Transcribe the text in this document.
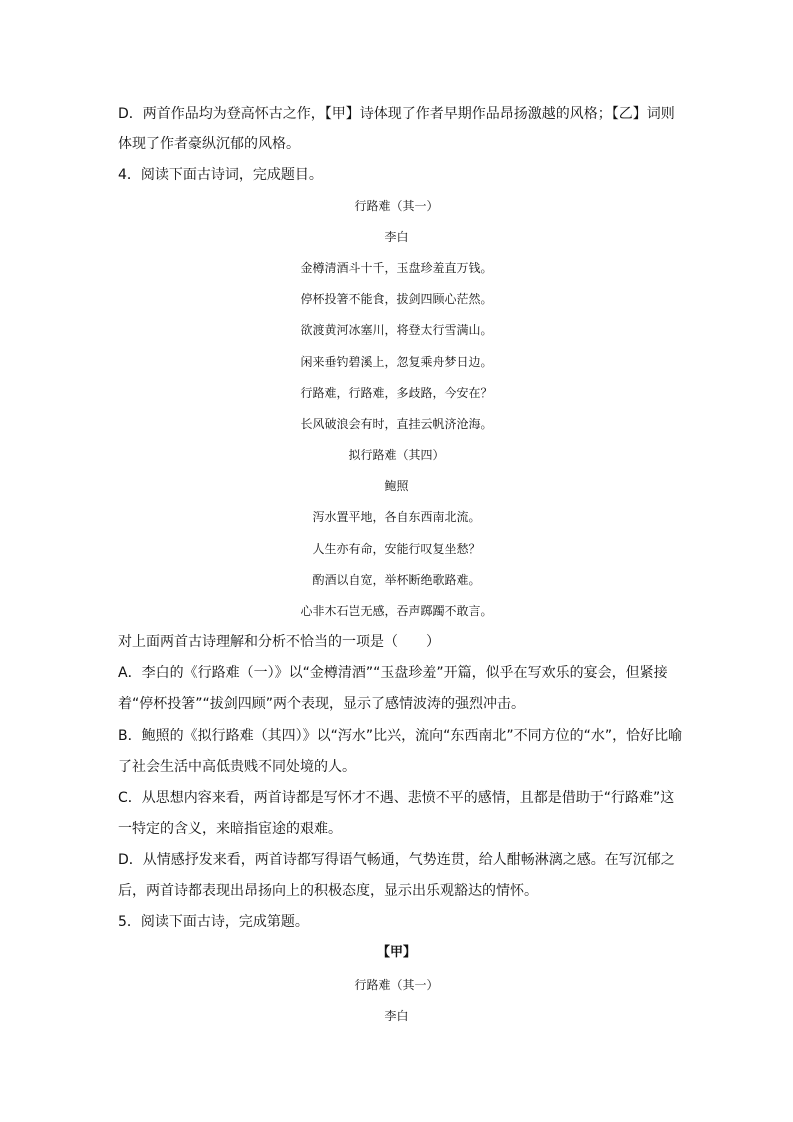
D．两首作品均为登高怀古之作，【甲】诗体现了作者早期作品昂扬激越的风格；【乙】词则
体现了作者豪纵沉郁的风格。
4．阅读下面古诗词，完成题目。
行路难（其一）
李白
金樽清酒斗十千，玉盘珍羞直万钱。
停杯投箸不能食，拔剑四顾心茫然。
欲渡黄河冰塞川，将登太行雪满山。
闲来垂钓碧溪上，忽复乘舟梦日边。
行路难，行路难，多歧路，今安在？
长风破浪会有时，直挂云帆济沧海。
拟行路难（其四）
鲍照
泻水置平地，各自东西南北流。
人生亦有命，安能行叹复坐愁？
酌酒以自宽，举杯断绝歌路难。
心非木石岂无感，吞声踯躅不敢言。
对上面两首古诗理解和分析不恰当的一项是（　　）
A．李白的《行路难（一）》以“金樽清酒”“玉盘珍羞”开篇，似乎在写欢乐的宴会，但紧接
着“停杯投箸”“拔剑四顾”两个表现，显示了感情波涛的强烈冲击。
B．鲍照的《拟行路难（其四）》以“泻水”比兴，流向“东西南北”不同方位的“水”，恰好比喻
了社会生活中高低贵贱不同处境的人。
C．从思想内容来看，两首诗都是写怀才不遇、悲愤不平的感情，且都是借助于“行路难”这
一特定的含义，来暗指宦途的艰难。
D．从情感抒发来看，两首诗都写得语气畅通，气势连贯，给人酣畅淋漓之感。在写沉郁之
后，两首诗都表现出昂扬向上的积极态度，显示出乐观豁达的情怀。
5．阅读下面古诗，完成第题。
【甲】
行路难（其一）
李白
